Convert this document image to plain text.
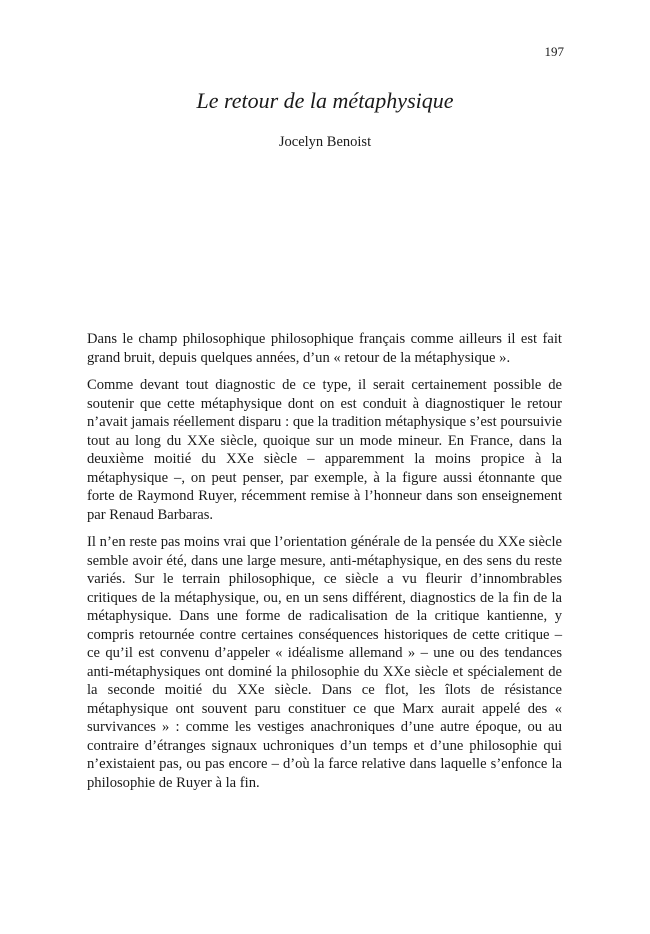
197
Le retour de la métaphysique
Jocelyn Benoist

Dans le champ philosophique philosophique français comme ailleurs il est fait grand bruit, depuis quelques années, d’un « retour de la métaphysique ».

Comme devant tout diagnostic de ce type, il serait certainement possible de soutenir que cette métaphysique dont on est conduit à diagnostiquer le retour n’avait jamais réellement disparu : que la tradition métaphysique s’est poursuivie tout au long du XXe siècle, quoique sur un mode mineur. En France, dans la deuxième moitié du XXe siècle – apparemment la moins propice à la métaphysique –, on peut penser, par exemple, à la figure aussi étonnante que forte de Raymond Ruyer, récemment remise à l’honneur dans son enseignement par Renaud Barbaras.

Il n’en reste pas moins vrai que l’orientation générale de la pensée du XXe siècle semble avoir été, dans une large mesure, anti-métaphysique, en des sens du reste variés. Sur le terrain philosophique, ce siècle a vu fleurir d’innombrables critiques de la métaphysique, ou, en un sens différent, diagnostics de la fin de la métaphysique. Dans une forme de radicalisation de la critique kantienne, y compris retournée contre certaines conséquences historiques de cette critique – ce qu’il est convenu d’appeler « idéalisme allemand » – une ou des tendances anti-métaphysiques ont dominé la philosophie du XXe siècle et spécialement de la seconde moitié du XXe siècle. Dans ce flot, les îlots de résistance métaphysique ont souvent paru constituer ce que Marx aurait appelé des « survivances » : comme les vestiges anachroniques d’une autre époque, ou au contraire d’étranges signaux uchroniques d’un temps et d’une philosophie qui n’existaient pas, ou pas encore – d’où la farce relative dans laquelle s’enfonce la philosophie de Ruyer à la fin.
